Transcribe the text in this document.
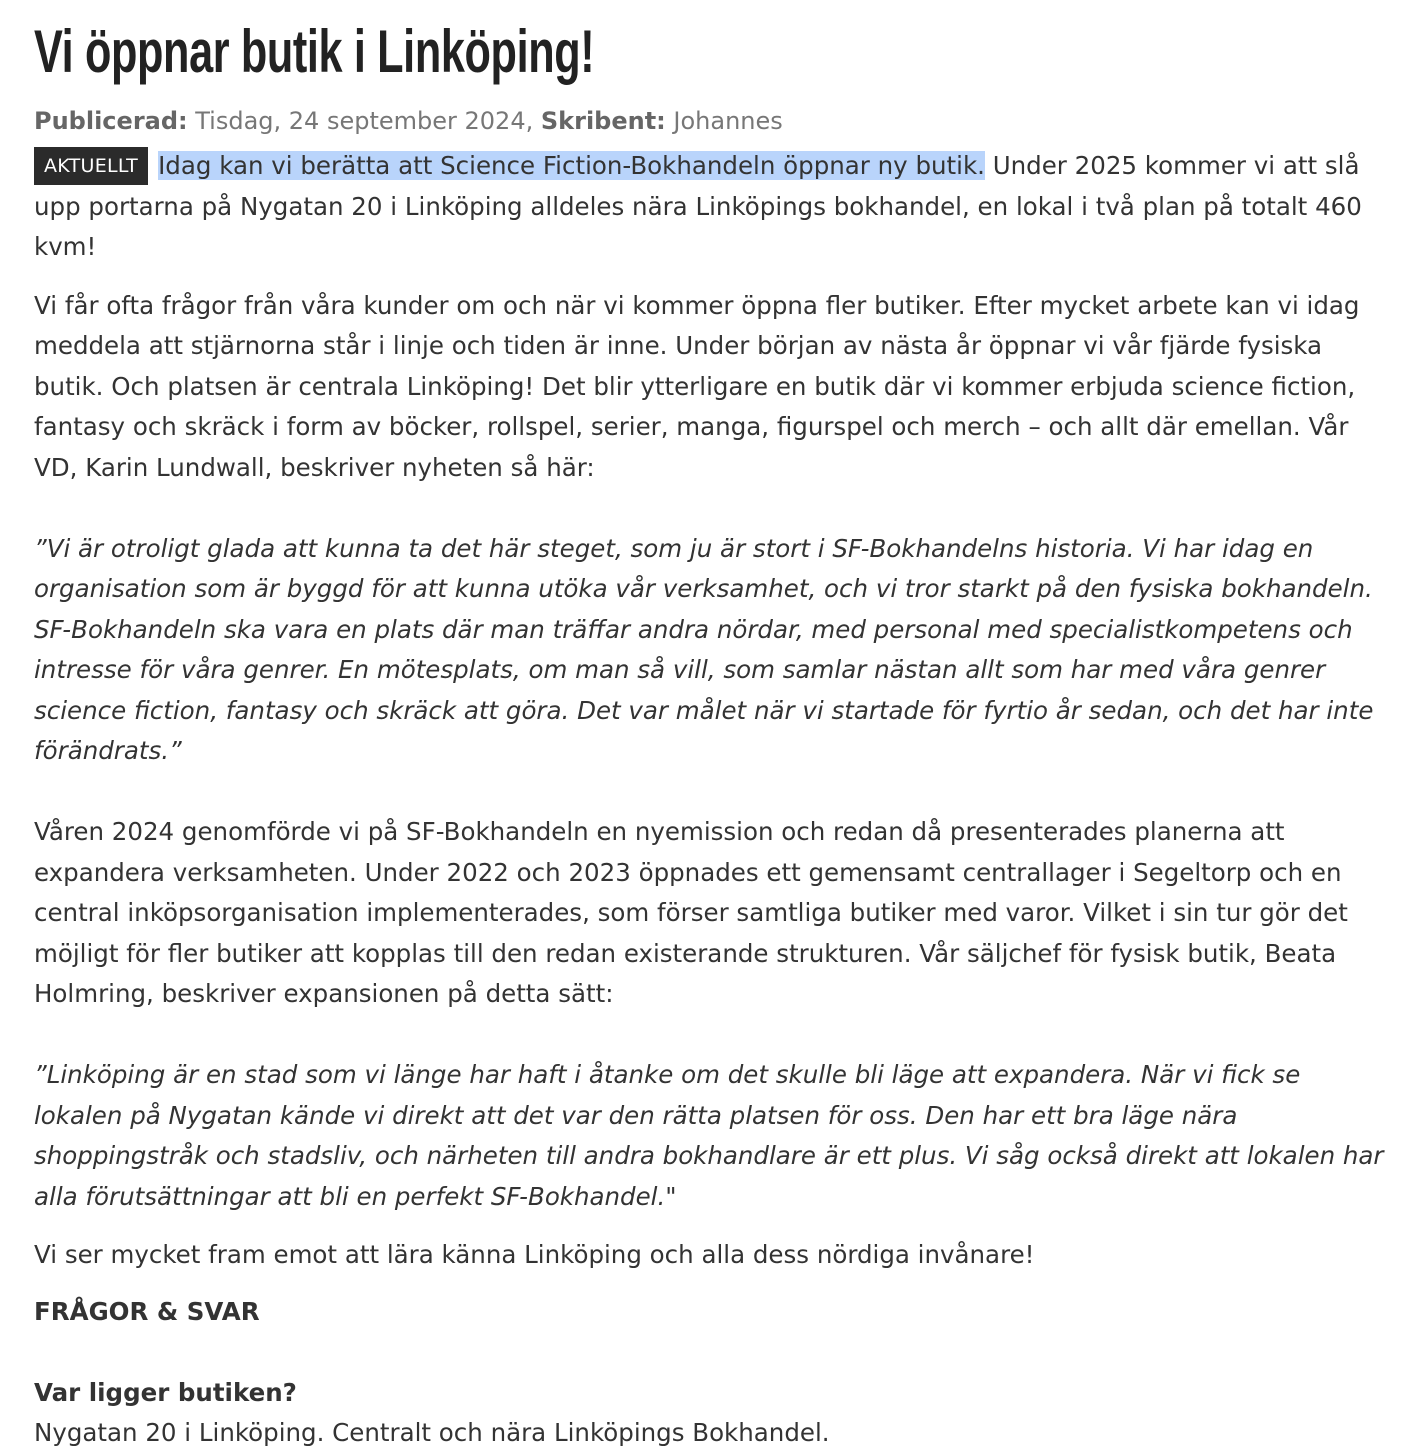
Vi öppnar butik i Linköping!
Publicerad: Tisdag, 24 september 2024, Skribent: Johannes

AKTUELLT Idag kan vi berätta att Science Fiction-Bokhandeln öppnar ny butik. Under 2025 kommer vi att slå upp portarna på Nygatan 20 i Linköping alldeles nära Linköpings bokhandel, en lokal i två plan på totalt 460 kvm!

Vi får ofta frågor från våra kunder om och när vi kommer öppna fler butiker. Efter mycket arbete kan vi idag meddela att stjärnorna står i linje och tiden är inne. Under början av nästa år öppnar vi vår fjärde fysiska butik. Och platsen är centrala Linköping! Det blir ytterligare en butik där vi kommer erbjuda science fiction, fantasy och skräck i form av böcker, rollspel, serier, manga, figurspel och merch – och allt där emellan. Vår VD, Karin Lundwall, beskriver nyheten så här:

”Vi är otroligt glada att kunna ta det här steget, som ju är stort i SF-Bokhandelns historia. Vi har idag en organisation som är byggd för att kunna utöka vår verksamhet, och vi tror starkt på den fysiska bokhandeln. SF-Bokhandeln ska vara en plats där man träffar andra nördar, med personal med specialistkompetens och intresse för våra genrer. En mötesplats, om man så vill, som samlar nästan allt som har med våra genrer science fiction, fantasy och skräck att göra. Det var målet när vi startade för fyrtio år sedan, och det har inte förändrats.”

Våren 2024 genomförde vi på SF-Bokhandeln en nyemission och redan då presenterades planerna att expandera verksamheten. Under 2022 och 2023 öppnades ett gemensamt centrallager i Segeltorp och en central inköpsorganisation implementerades, som förser samtliga butiker med varor. Vilket i sin tur gör det möjligt för fler butiker att kopplas till den redan existerande strukturen. Vår säljchef för fysisk butik, Beata Holmring, beskriver expansionen på detta sätt:

”Linköping är en stad som vi länge har haft i åtanke om det skulle bli läge att expandera. När vi fick se lokalen på Nygatan kände vi direkt att det var den rätta platsen för oss. Den har ett bra läge nära shoppingstråk och stadsliv, och närheten till andra bokhandlare är ett plus. Vi såg också direkt att lokalen har alla förutsättningar att bli en perfekt SF-Bokhandel."

Vi ser mycket fram emot att lära känna Linköping och alla dess nördiga invånare!

FRÅGOR & SVAR

Var ligger butiken?

Nygatan 20 i Linköping. Centralt och nära Linköpings Bokhandel.
